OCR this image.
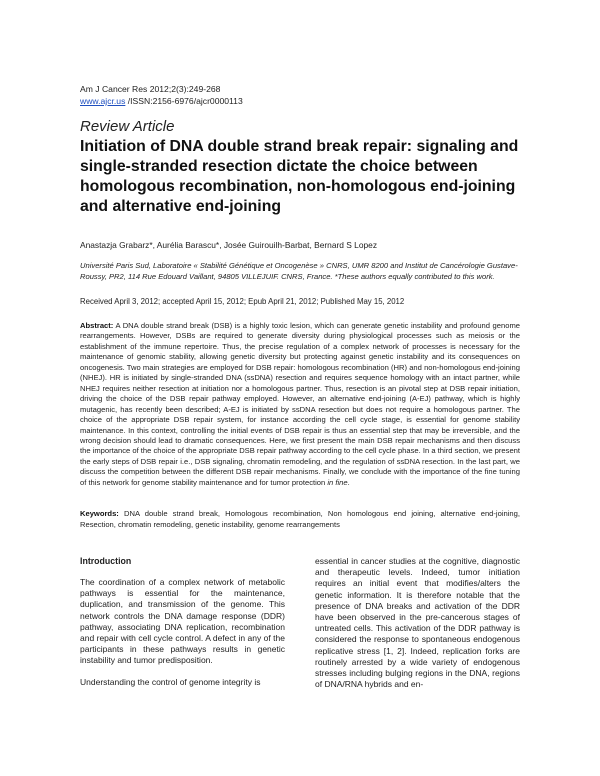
Am J Cancer Res 2012;2(3):249-268
www.ajcr.us /ISSN:2156-6976/ajcr0000113
Review Article
Initiation of DNA double strand break repair: signaling and single-stranded resection dictate the choice between homologous recombination, non-homologous end-joining and alternative end-joining
Anastazja Grabarz*, Aurélia Barascu*, Josée Guirouilh-Barbat, Bernard S Lopez
Université Paris Sud, Laboratoire « Stabilité Génétique et Oncogenèse » CNRS, UMR 8200 and Institut de Cancérologie Gustave-Roussy, PR2, 114 Rue Edouard Vaillant, 94805 VILLEJUIF. CNRS, France. *These authors equally contributed to this work.
Received April 3, 2012; accepted April 15, 2012; Epub April 21, 2012; Published May 15, 2012
Abstract: A DNA double strand break (DSB) is a highly toxic lesion, which can generate genetic instability and profound genome rearrangements. However, DSBs are required to generate diversity during physiological processes such as meiosis or the establishment of the immune repertoire. Thus, the precise regulation of a complex network of processes is necessary for the maintenance of genomic stability, allowing genetic diversity but protecting against genetic instability and its consequences on oncogenesis. Two main strategies are employed for DSB repair: homologous recombination (HR) and non-homologous end-joining (NHEJ). HR is initiated by single-stranded DNA (ssDNA) resection and requires sequence homology with an intact partner, while NHEJ requires neither resection at initiation nor a homologous partner. Thus, resection is an pivotal step at DSB repair initiation, driving the choice of the DSB repair pathway employed. However, an alternative end-joining (A-EJ) pathway, which is highly mutagenic, has recently been described; A-EJ is initiated by ssDNA resection but does not require a homologous partner. The choice of the appropriate DSB repair system, for instance according the cell cycle stage, is essential for genome stability maintenance. In this context, controlling the initial events of DSB repair is thus an essential step that may be irreversible, and the wrong decision should lead to dramatic consequences. Here, we first present the main DSB repair mechanisms and then discuss the importance of the choice of the appropriate DSB repair pathway according to the cell cycle phase. In a third section, we present the early steps of DSB repair i.e., DSB signaling, chromatin remodeling, and the regulation of ssDNA resection. In the last part, we discuss the competition between the different DSB repair mechanisms. Finally, we conclude with the importance of the fine tuning of this network for genome stability maintenance and for tumor protection in fine.
Keywords: DNA double strand break, Homologous recombination, Non homologous end joining, alternative end-joining, Resection, chromatin remodeling, genetic instability, genome rearrangements
Introduction

The coordination of a complex network of metabolic pathways is essential for the maintenance, duplication, and transmission of the genome. This network controls the DNA damage response (DDR) pathway, associating DNA replication, recombination and repair with cell cycle control. A defect in any of the participants in these pathways results in genetic instability and tumor predisposition.

Understanding the control of genome integrity is

essential in cancer studies at the cognitive, diagnostic and therapeutic levels. Indeed, tumor initiation requires an initial event that modifies/alters the genetic information. It is therefore notable that the presence of DNA breaks and activation of the DDR have been observed in the pre-cancerous stages of untreated cells. This activation of the DDR pathway is considered the response to spontaneous endogenous replicative stress [1, 2]. Indeed, replication forks are routinely arrested by a wide variety of endogenous stresses including bulging regions in the DNA, regions of DNA/RNA hybrids and en-
